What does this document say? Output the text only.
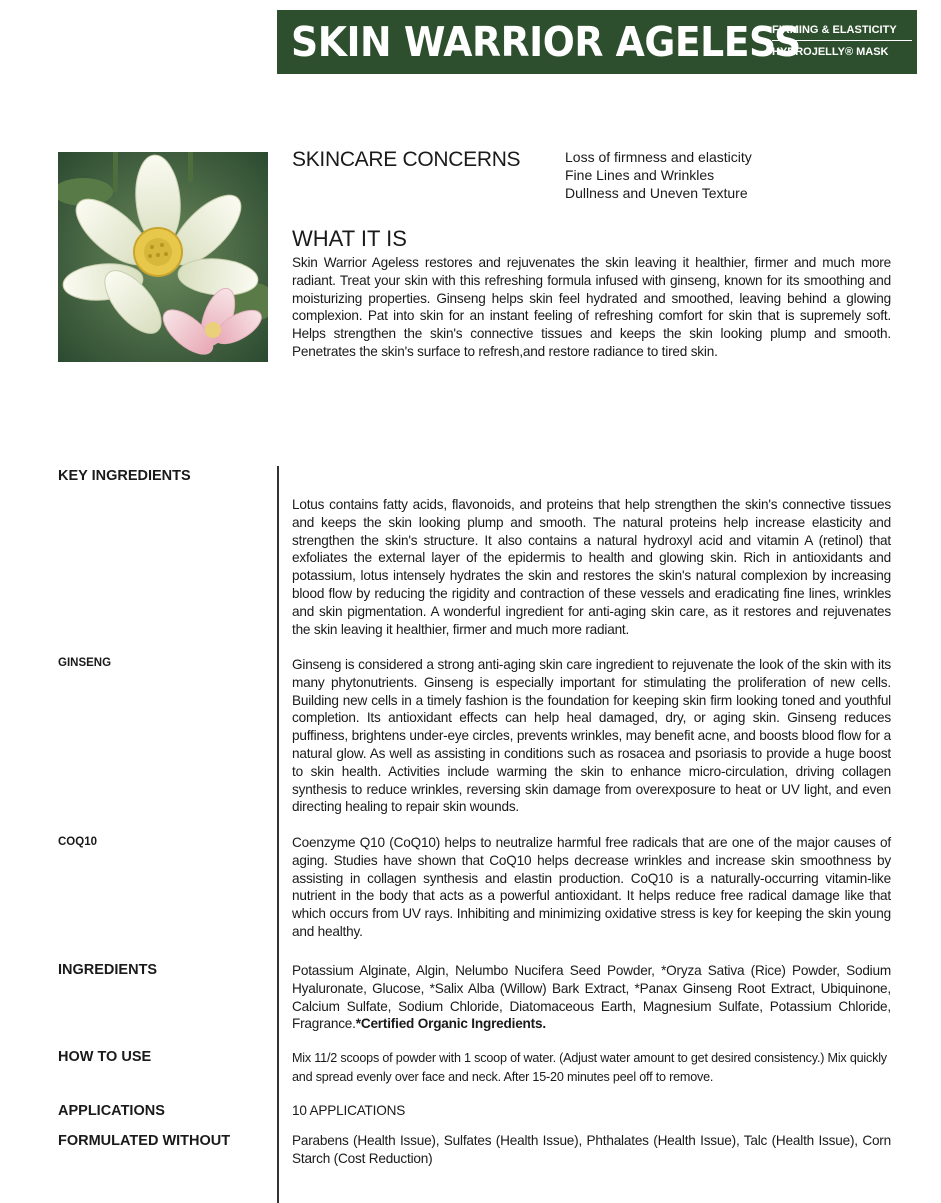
SKIN WARRIOR AGELESS
FIRMING & ELASTICITY
HYDROJELLY® MASK
SKINCARE CONCERNS	Loss of firmness and elasticity
Fine Lines and Wrinkles
Dullness and Uneven Texture
WHAT IT IS
Skin Warrior Ageless restores and rejuvenates the skin leaving it healthier, firmer and much more radiant. Treat your skin with this refreshing formula infused with ginseng, known for its smoothing and moisturizing properties. Ginseng helps skin feel hydrated and smoothed, leaving behind a glowing complexion. Pat into skin for an instant feeling of refreshing comfort for skin that is supremely soft. Helps strengthen the skin's connective tissues and keeps the skin looking plump and smooth. Penetrates the skin's surface to refresh,and restore radiance to tired skin.
KEY INGREDIENTS
Lotus contains fatty acids, flavonoids, and proteins that help strengthen the skin's connective tissues and keeps the skin looking plump and smooth. The natural proteins help increase elasticity and strengthen the skin's structure. It also contains a natural hydroxyl acid and vitamin A (retinol) that exfoliates the external layer of the epidermis to health and glowing skin. Rich in antioxidants and potassium, lotus intensely hydrates the skin and restores the skin's natural complexion by increasing blood flow by reducing the rigidity and contraction of these vessels and eradicating fine lines, wrinkles and skin pigmentation. A wonderful ingredient for anti-aging skin care, as it restores and rejuvenates the skin leaving it healthier, firmer and much more radiant.
GINSENG	Ginseng is considered a strong anti-aging skin care ingredient to rejuvenate the look of the skin with its many phytonutrients. Ginseng is especially important for stimulating the proliferation of new cells. Building new cells in a timely fashion is the foundation for keeping skin firm looking toned and youthful completion. Its antioxidant effects can help heal damaged, dry, or aging skin. Ginseng reduces puffiness, brightens under-eye circles, prevents wrinkles, may benefit acne, and boosts blood flow for a natural glow. As well as assisting in conditions such as rosacea and psoriasis to provide a huge boost to skin health. Activities include warming the skin to enhance micro-circulation, driving collagen synthesis to reduce wrinkles, reversing skin damage from overexposure to heat or UV light, and even directing healing to repair skin wounds.
COQ10	Coenzyme Q10 (CoQ10) helps to neutralize harmful free radicals that are one of the major causes of aging. Studies have shown that CoQ10 helps decrease wrinkles and increase skin smoothness by assisting in collagen synthesis and elastin production. CoQ10 is a naturally-occurring vitamin-like nutrient in the body that acts as a powerful antioxidant. It helps reduce free radical damage like that which occurs from UV rays. Inhibiting and minimizing oxidative stress is key for keeping the skin young and healthy.
INGREDIENTS	Potassium Alginate, Algin, Nelumbo Nucifera Seed Powder, *Oryza Sativa (Rice) Powder, Sodium Hyaluronate, Glucose, *Salix Alba (Willow) Bark Extract, *Panax Ginseng Root Extract, Ubiquinone, Calcium Sulfate, Sodium Chloride, Diatomaceous Earth, Magnesium Sulfate, Potassium Chloride, Fragrance.*Certified Organic Ingredients.
HOW TO USE	Mix 11/2 scoops of powder with 1 scoop of water. (Adjust water amount to get desired consistency.) Mix quickly and spread evenly over face and neck. After 15-20 minutes peel off to remove.
APPLICATIONS	10 APPLICATIONS
FORMULATED WITHOUT	Parabens (Health Issue), Sulfates (Health Issue), Phthalates (Health Issue), Talc (Health Issue), Corn Starch (Cost Reduction)
